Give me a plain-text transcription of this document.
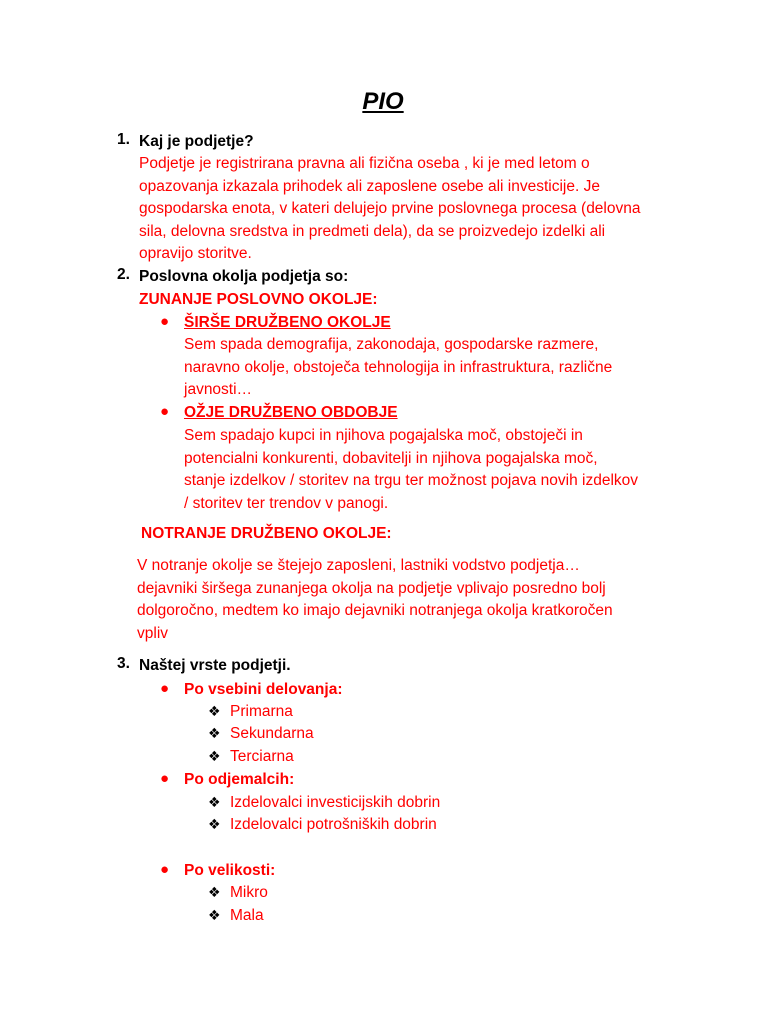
PIO
1. Kaj je podjetje?
Podjetje je registrirana pravna ali fizična oseba , ki je med letom o
opazovanja izkazala prihodek ali zaposlene osebe ali investicije. Je
gospodarska enota, v kateri delujejo prvine poslovnega procesa (delovna
sila, delovna sredstva in predmeti dela), da se proizvedejo izdelki ali
opravijo storitve.
2. Poslovna okolja podjetja so:
ZUNANJE POSLOVNO OKOLJE:
● ŠIRŠE DRUŽBENO OKOLJE
Sem spada demografija, zakonodaja, gospodarske razmere,
naravno okolje, obstoječa tehnologija in infrastruktura, različne
javnosti…
● OŽJE DRUŽBENO OBDOBJE
Sem spadajo kupci in njihova pogajalska moč, obstoječi in
potencialni konkurenti, dobavitelji in njihova pogajalska moč,
stanje izdelkov / storitev na trgu ter možnost pojava novih izdelkov
/ storitev ter trendov v panogi.
NOTRANJE DRUŽBENO OKOLJE:
V notranje okolje se štejejo zaposleni, lastniki vodstvo podjetja…
dejavniki širšega zunanjega okolja na podjetje vplivajo posredno bolj
dolgoročno, medtem ko imajo dejavniki notranjega okolja kratkoročen
vpliv
3. Naštej vrste podjetji.
● Po vsebini delovanja:
❖ Primarna
❖ Sekundarna
❖ Terciarna
● Po odjemalcih:
❖ Izdelovalci investicijskih dobrin
❖ Izdelovalci potrošniških dobrin
● Po velikosti:
❖ Mikro
❖ Mala
